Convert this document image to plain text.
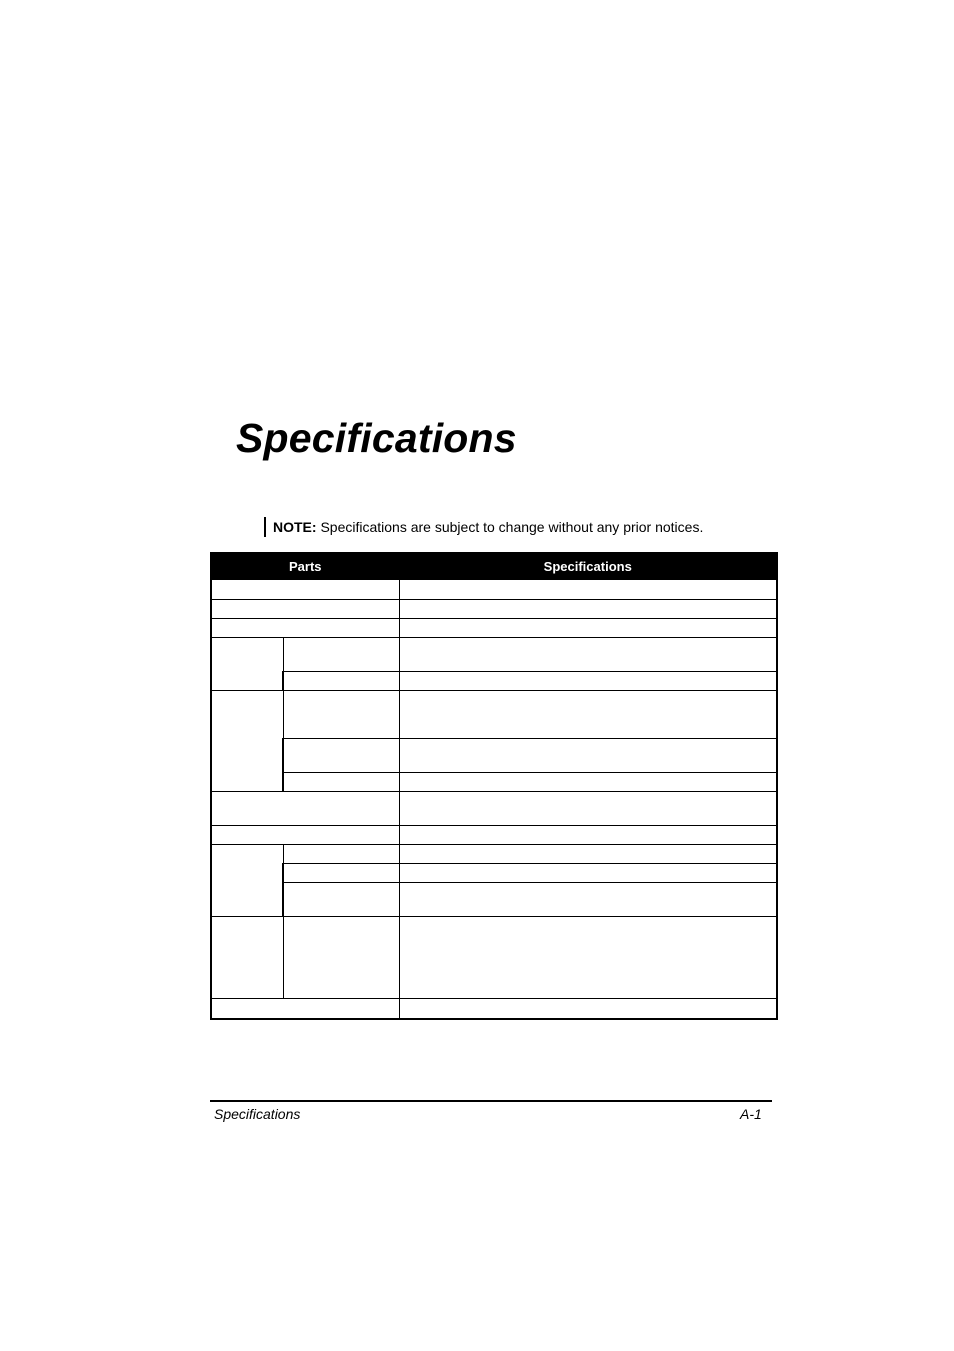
Specifications
NOTE: Specifications are subject to change without any prior notices.
Parts		Specifications

Specifications	A-1
